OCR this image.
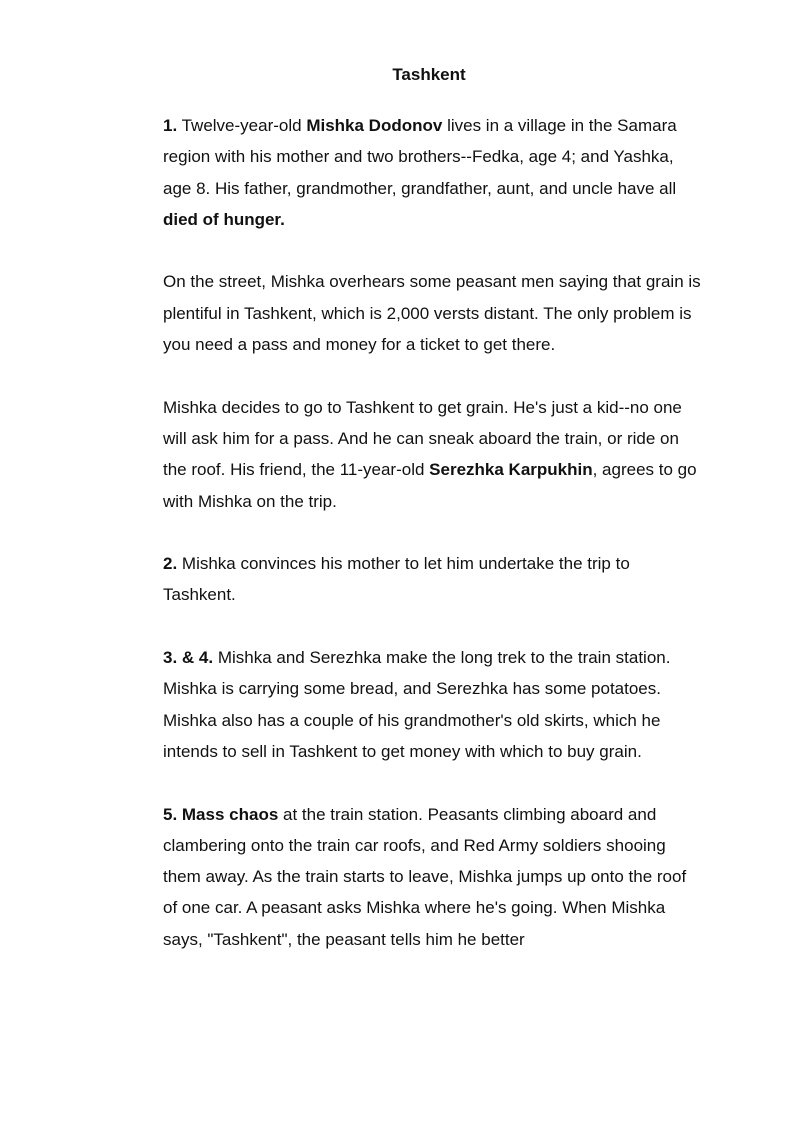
Tashkent

1. Twelve-year-old Mishka Dodonov lives in a village in the Samara region with his mother and two brothers--Fedka, age 4; and Yashka, age 8. His father, grandmother, grandfather, aunt, and uncle have all died of hunger.

On the street, Mishka overhears some peasant men saying that grain is plentiful in Tashkent, which is 2,000 versts distant. The only problem is you need a pass and money for a ticket to get there.

Mishka decides to go to Tashkent to get grain. He's just a kid--no one will ask him for a pass. And he can sneak aboard the train, or ride on the roof. His friend, the 11-year-old Serezhka Karpukhin, agrees to go with Mishka on the trip.

2. Mishka convinces his mother to let him undertake the trip to Tashkent.

3. & 4. Mishka and Serezhka make the long trek to the train station. Mishka is carrying some bread, and Serezhka has some potatoes. Mishka also has a couple of his grandmother's old skirts, which he intends to sell in Tashkent to get money with which to buy grain.

5. Mass chaos at the train station. Peasants climbing aboard and clambering onto the train car roofs, and Red Army soldiers shooing them away. As the train starts to leave, Mishka jumps up onto the roof of one car. A peasant asks Mishka where he's going. When Mishka says, "Tashkent", the peasant tells him he better
